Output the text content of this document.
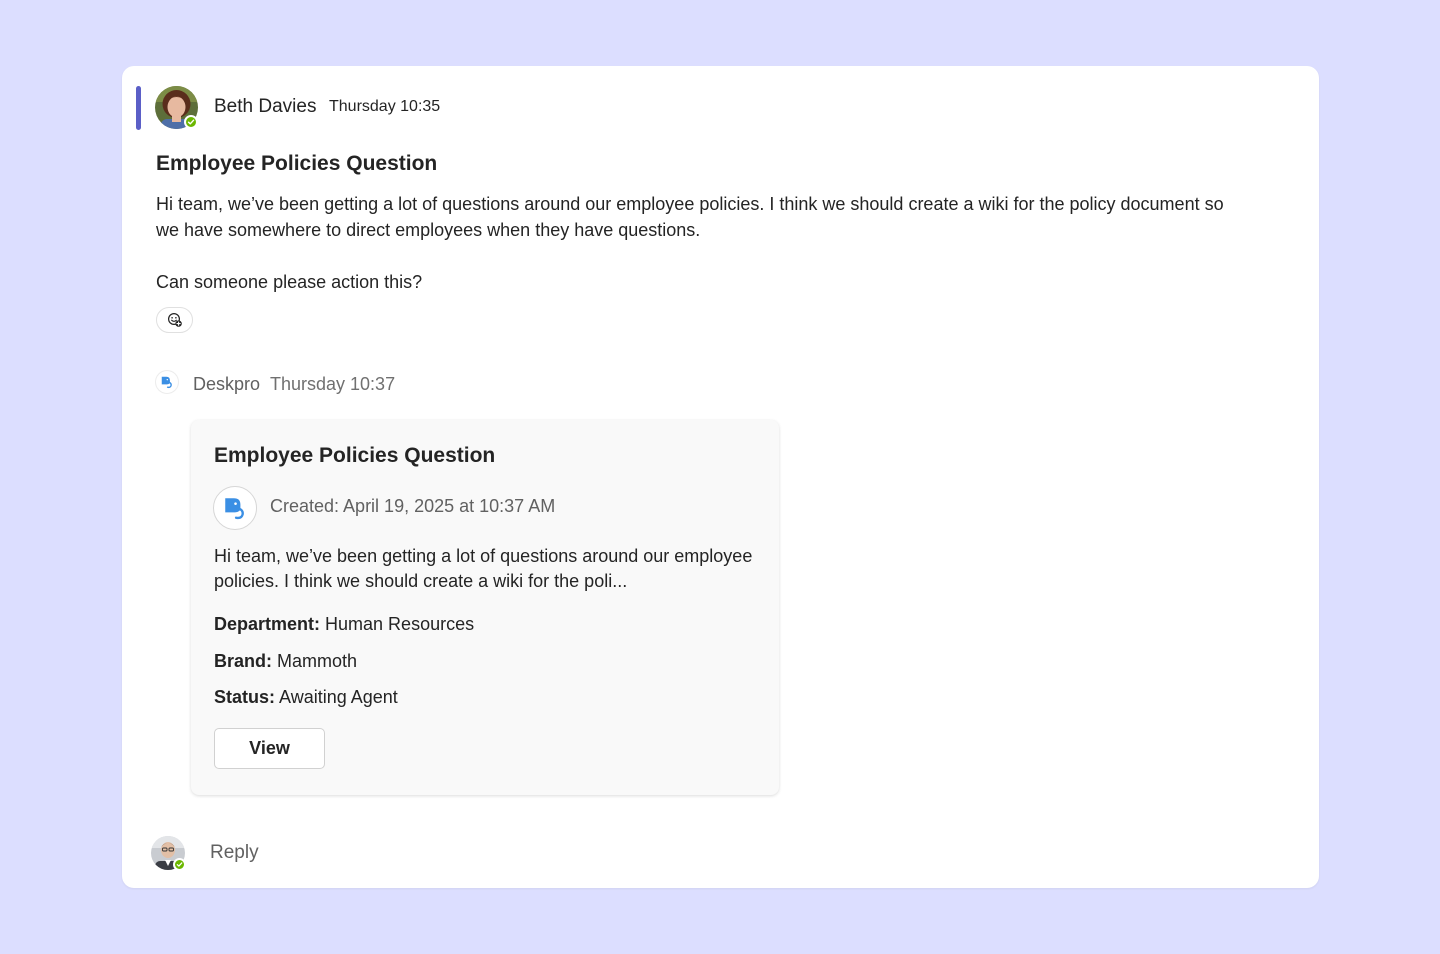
Beth Davies Thursday 10:35
Employee Policies Question

Hi team, we’ve been getting a lot of questions around our employee policies. I think we should create a wiki for the policy document so we have somewhere to direct employees when they have questions.

Can someone please action this?

Deskpro Thursday 10:37
Employee Policies Question
Created: April 19, 2025 at 10:37 AM
Hi team, we’ve been getting a lot of questions around our employee policies. I think we should create a wiki for the poli...
Department: Human Resources
Brand: Mammoth
Status: Awaiting Agent
View
Reply
